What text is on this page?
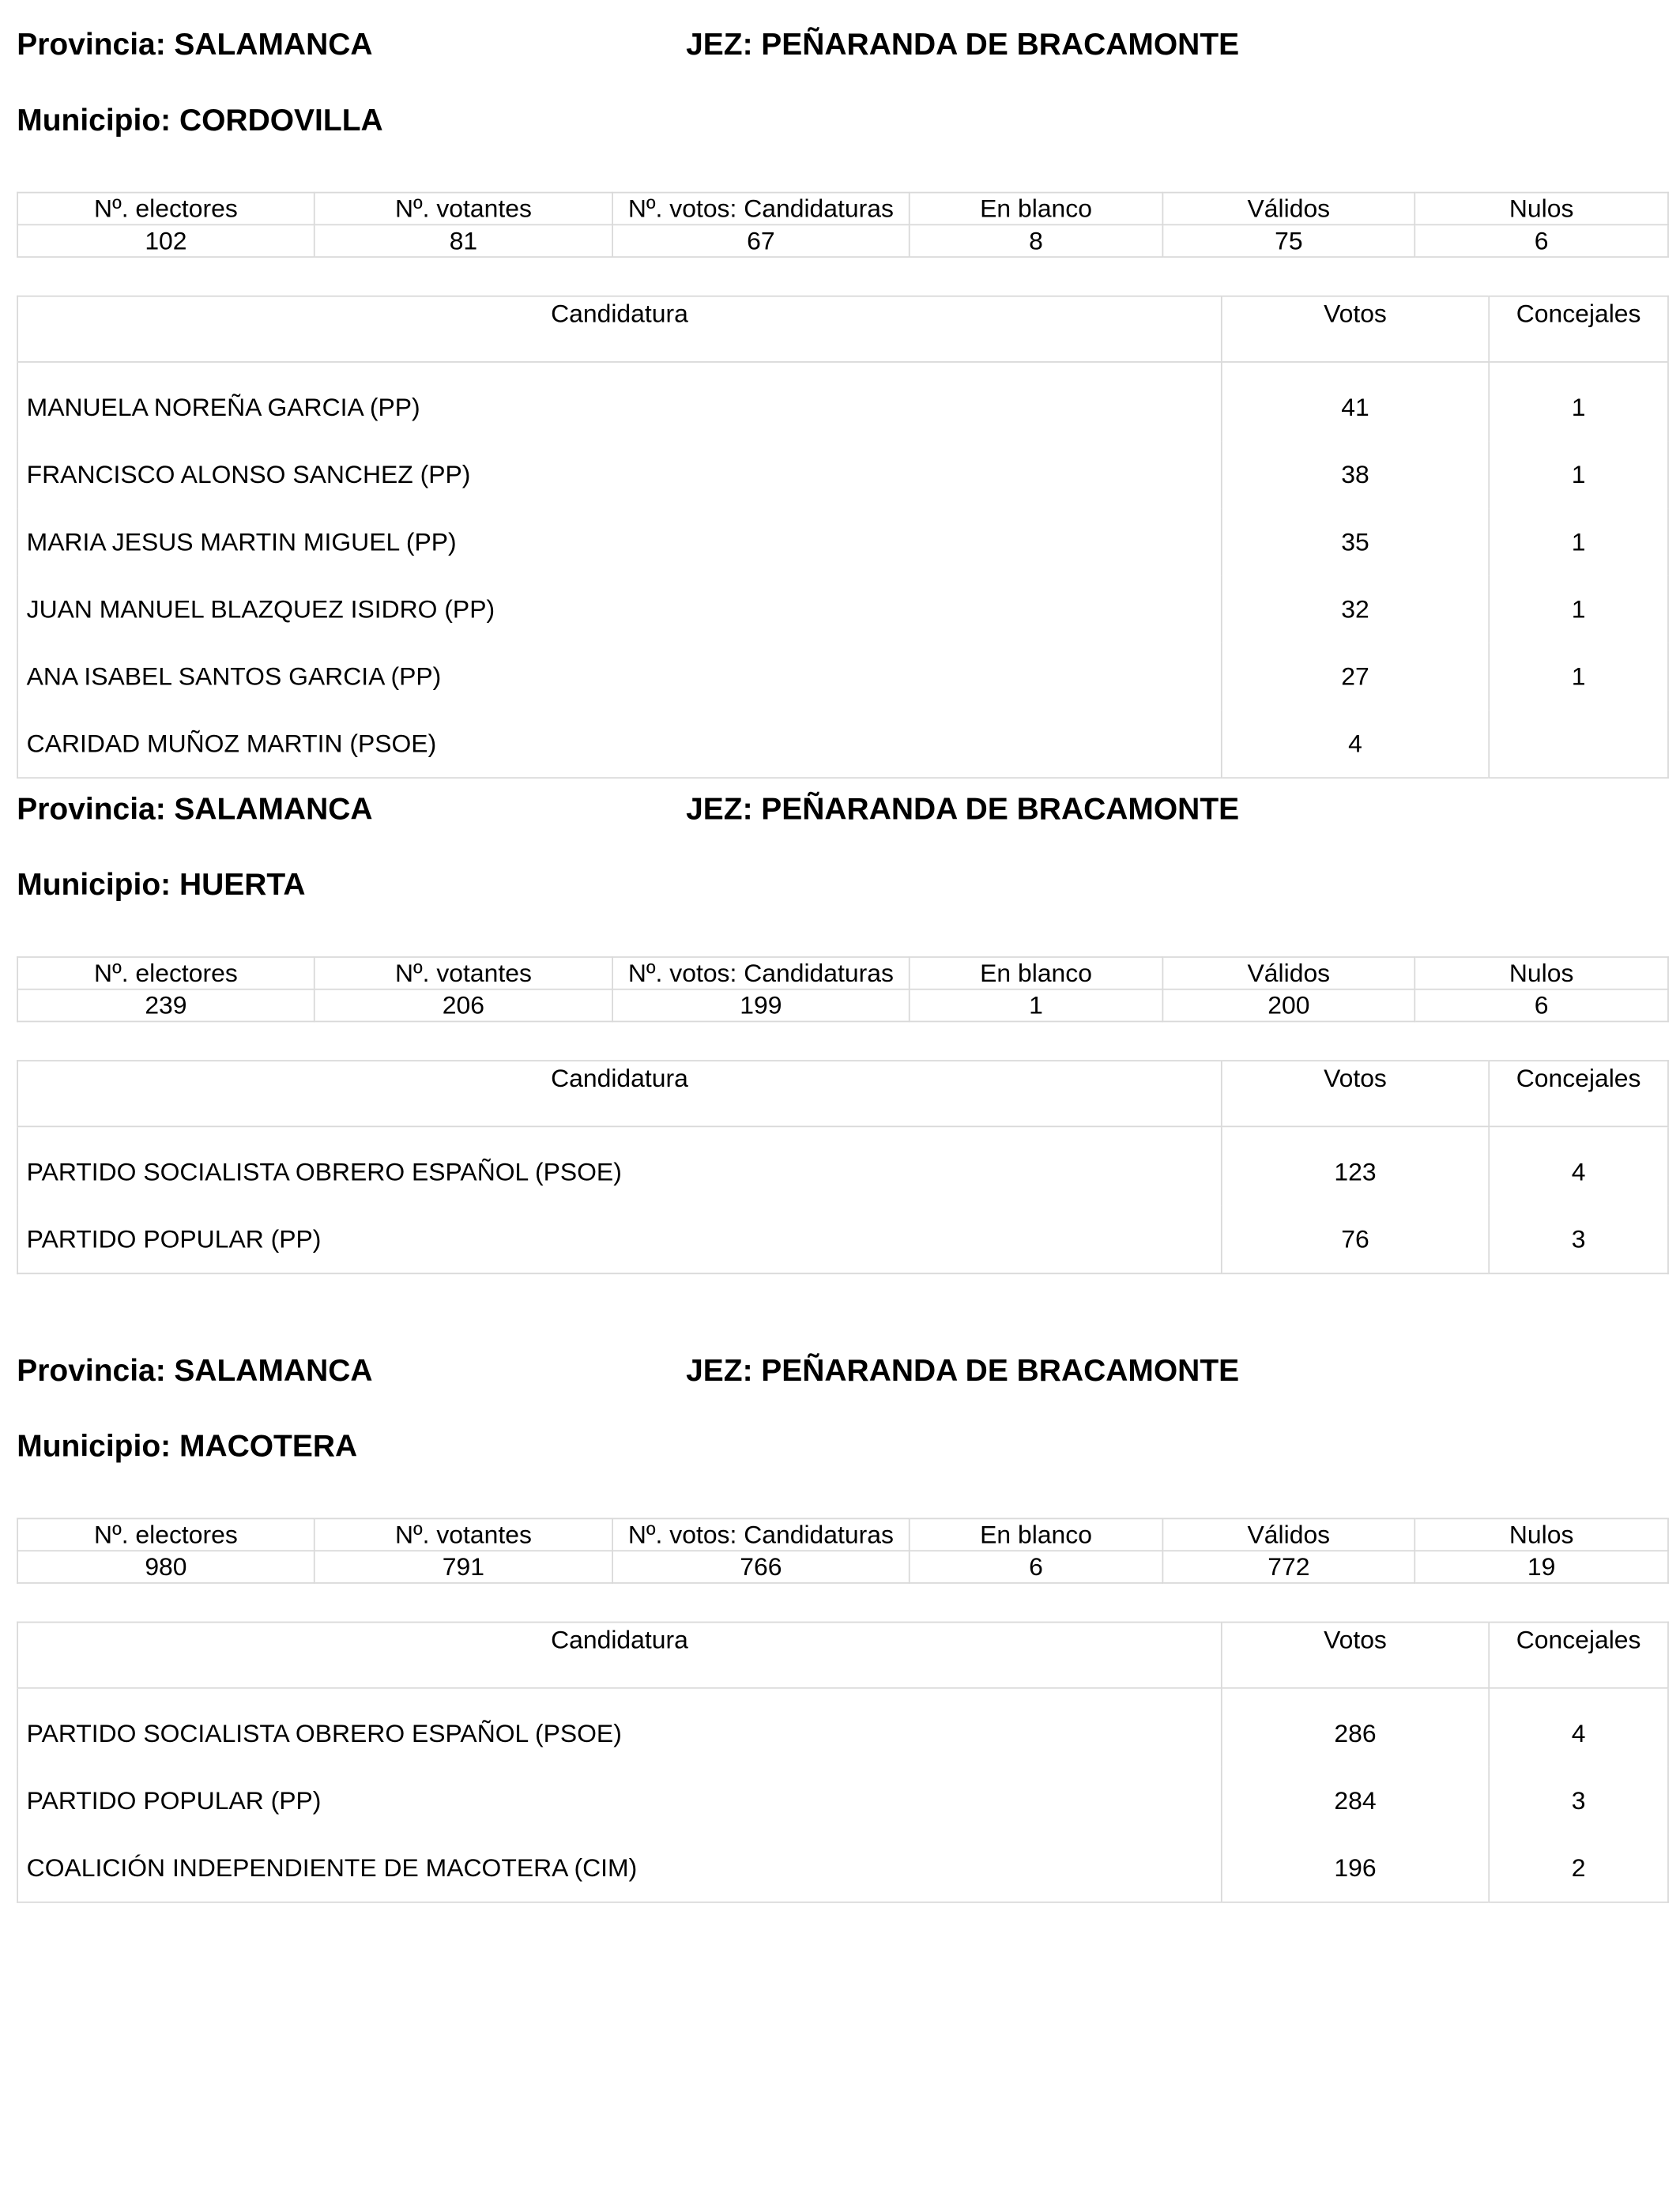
Provincia: SALAMANCA	JEZ: PEÑARANDA DE BRACAMONTE
Municipio: CORDOVILLA
Nº. electores	Nº. votantes	Nº. votos: Candidaturas	En blanco	Válidos	Nulos
102	81	67	8	75	6
Candidatura	Votos	Concejales
MANUELA NOREÑA GARCIA (PP)	41	1
FRANCISCO ALONSO SANCHEZ (PP)	38	1
MARIA JESUS MARTIN MIGUEL (PP)	35	1
JUAN MANUEL BLAZQUEZ ISIDRO (PP)	32	1
ANA ISABEL SANTOS GARCIA (PP)	27	1
CARIDAD MUÑOZ MARTIN (PSOE)	4	
Provincia: SALAMANCA	JEZ: PEÑARANDA DE BRACAMONTE
Municipio: HUERTA
Nº. electores	Nº. votantes	Nº. votos: Candidaturas	En blanco	Válidos	Nulos
239	206	199	1	200	6
Candidatura	Votos	Concejales
PARTIDO SOCIALISTA OBRERO ESPAÑOL (PSOE)	123	4
PARTIDO POPULAR (PP)	76	3
Provincia: SALAMANCA	JEZ: PEÑARANDA DE BRACAMONTE
Municipio: MACOTERA
Nº. electores	Nº. votantes	Nº. votos: Candidaturas	En blanco	Válidos	Nulos
980	791	766	6	772	19
Candidatura	Votos	Concejales
PARTIDO SOCIALISTA OBRERO ESPAÑOL (PSOE)	286	4
PARTIDO POPULAR (PP)	284	3
COALICIÓN INDEPENDIENTE DE MACOTERA (CIM)	196	2
